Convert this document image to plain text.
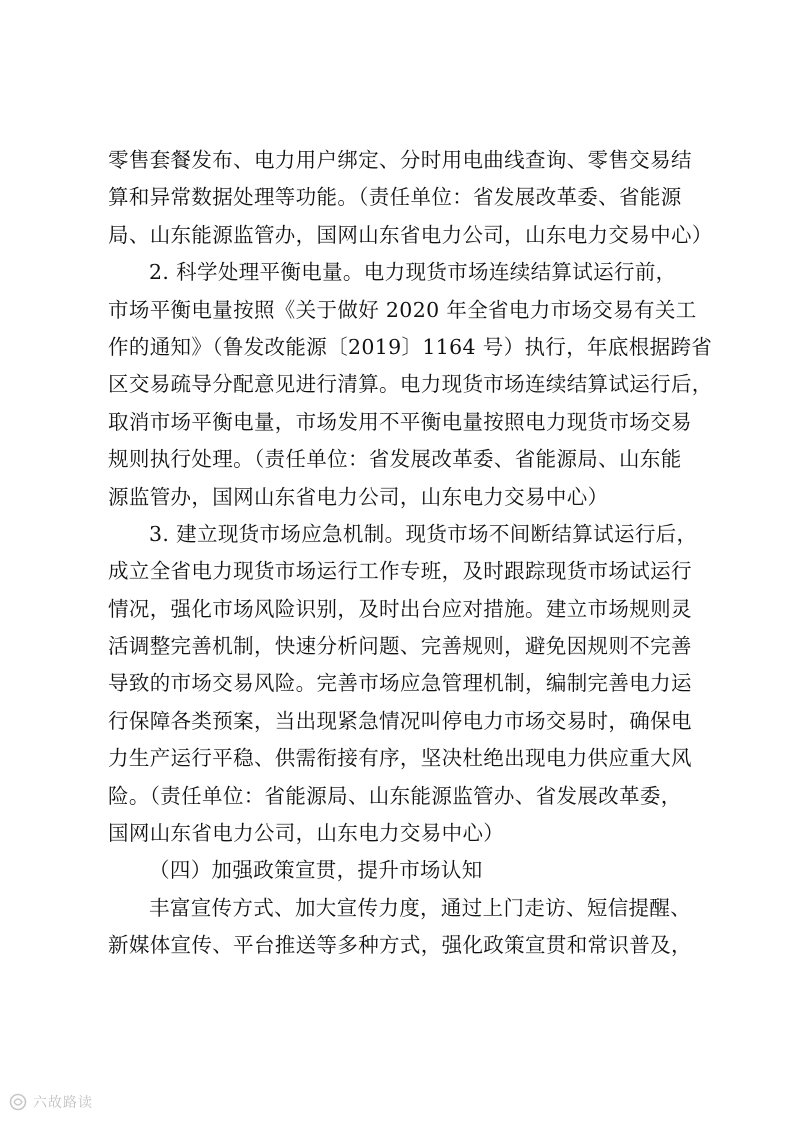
零售套餐发布、电力用户绑定、分时用电曲线查询、零售交易结
算和异常数据处理等功能。（责任单位：省发展改革委、省能源
局、山东能源监管办，国网山东省电力公司，山东电力交易中心）
2. 科学处理平衡电量。电力现货市场连续结算试运行前，
市场平衡电量按照《关于做好 2020 年全省电力市场交易有关工
作的通知》（鲁发改能源〔2019〕1164 号）执行，年底根据跨省
区交易疏导分配意见进行清算。电力现货市场连续结算试运行后，
取消市场平衡电量，市场发用不平衡电量按照电力现货市场交易
规则执行处理。（责任单位：省发展改革委、省能源局、山东能
源监管办，国网山东省电力公司，山东电力交易中心）
3. 建立现货市场应急机制。现货市场不间断结算试运行后，
成立全省电力现货市场运行工作专班，及时跟踪现货市场试运行
情况，强化市场风险识别，及时出台应对措施。建立市场规则灵
活调整完善机制，快速分析问题、完善规则，避免因规则不完善
导致的市场交易风险。完善市场应急管理机制，编制完善电力运
行保障各类预案，当出现紧急情况叫停电力市场交易时，确保电
力生产运行平稳、供需衔接有序，坚决杜绝出现电力供应重大风
险。（责任单位：省能源局、山东能源监管办、省发展改革委，
国网山东省电力公司，山东电力交易中心）
（四）加强政策宣贯，提升市场认知
丰富宣传方式、加大宣传力度，通过上门走访、短信提醒、
新媒体宣传、平台推送等多种方式，强化政策宣贯和常识普及，
六故路读
